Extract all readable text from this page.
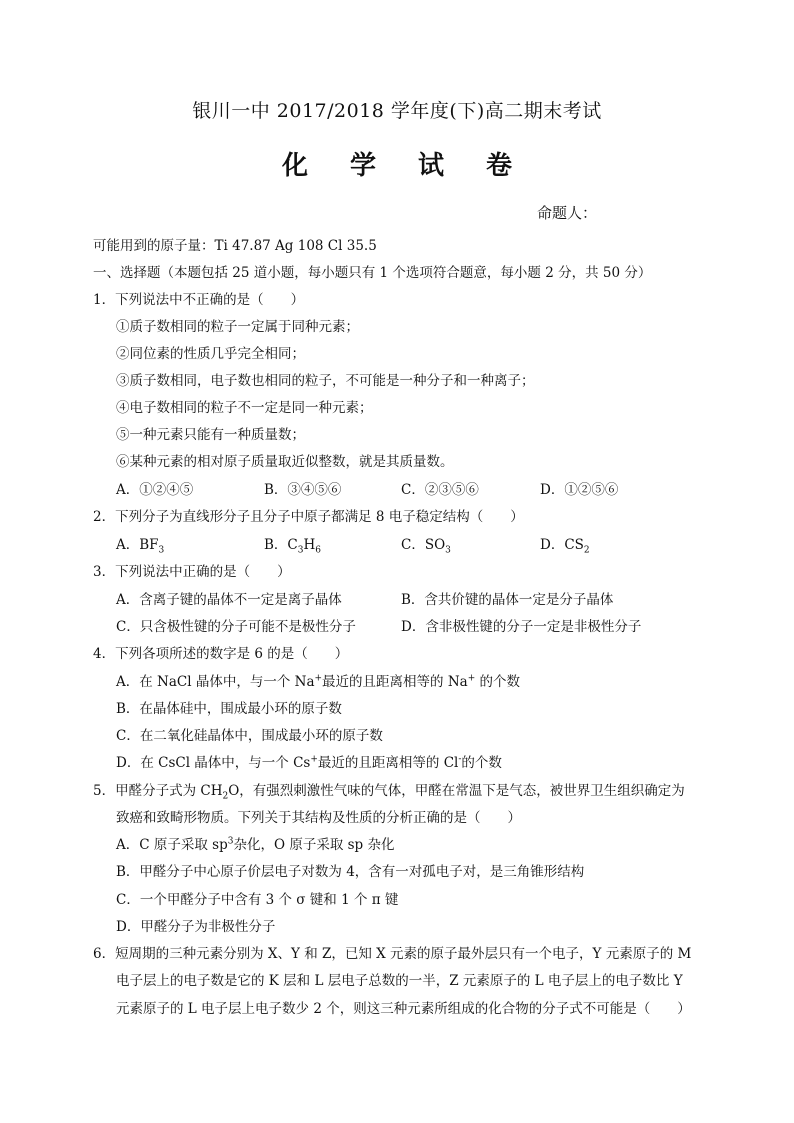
银川一中 2017/2018 学年度(下)高二期末考试
化学试卷
命题人：
可能用到的原子量：Ti 47.87 Ag 108 Cl 35.5
一、选择题（本题包括 25 道小题，每小题只有 1 个选项符合题意，每小题 2 分，共 50 分）
1．下列说法中不正确的是（　　）
①质子数相同的粒子一定属于同种元素；
②同位素的性质几乎完全相同；
③质子数相同，电子数也相同的粒子，不可能是一种分子和一种离子；
④电子数相同的粒子不一定是同一种元素；
⑤一种元素只能有一种质量数；
⑥某种元素的相对原子质量取近似整数，就是其质量数。
A．①②④⑤	B．③④⑤⑥	C．②③⑤⑥	D．①②⑤⑥
2．下列分子为直线形分子且分子中原子都满足 8 电子稳定结构（　　）
A．$BF_3$	B．$C_3H_6$	C．$SO_3$	D．$CS_2$
3．下列说法中正确的是（　　）
A．含离子键的晶体不一定是离子晶体	B．含共价键的晶体一定是分子晶体
C．只含极性键的分子可能不是极性分子	D．含非极性键的分子一定是非极性分子
4．下列各项所述的数字是 6 的是（　　）
A．在 NaCl 晶体中，与一个 Na+最近的且距离相等的 Na+ 的个数
B．在晶体硅中，围成最小环的原子数
C．在二氧化硅晶体中，围成最小环的原子数
D．在 CsCl 晶体中，与一个 Cs+最近的且距离相等的 Cl-的个数
5．甲醛分子式为 $CH_2O$，有强烈刺激性气味的气体，甲醛在常温下是气态，被世界卫生组织确定为
致癌和致畸形物质。下列关于其结构及性质的分析正确的是（　　）
A．C 原子采取 $sp^3$杂化，O 原子采取 sp 杂化
B．甲醛分子中心原子价层电子对数为 4，含有一对孤电子对，是三角锥形结构
C．一个甲醛分子中含有 3 个 σ 键和 1 个 π 键
D．甲醛分子为非极性分子
6．短周期的三种元素分别为 X、Y 和 Z，已知 X 元素的原子最外层只有一个电子，Y 元素原子的 M
电子层上的电子数是它的 K 层和 L 层电子总数的一半，Z 元素原子的 L 电子层上的电子数比 Y
元素原子的 L 电子层上电子数少 2 个，则这三种元素所组成的化合物的分子式不可能是（　　）
